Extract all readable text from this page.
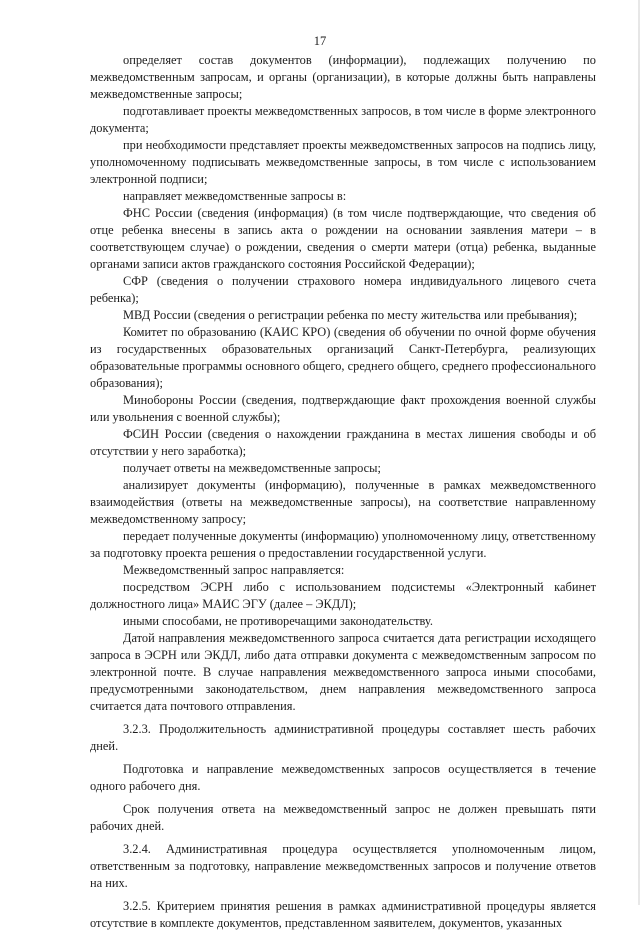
17

определяет состав документов (информации), подлежащих получению по межведомственным запросам, и органы (организации), в которые должны быть направлены межведомственные запросы;

подготавливает проекты межведомственных запросов, в том числе в форме электронного документа;

при необходимости представляет проекты межведомственных запросов на подпись лицу, уполномоченному подписывать межведомственные запросы, в том числе с использованием электронной подписи;

направляет межведомственные запросы в:

ФНС России (сведения (информация) (в том числе подтверждающие, что сведения об отце ребенка внесены в запись акта о рождении на основании заявления матери – в соответствующем случае) о рождении, сведения о смерти матери (отца) ребенка, выданные органами записи актов гражданского состояния Российской Федерации);

СФР (сведения о получении страхового номера индивидуального лицевого счета ребенка);

МВД России (сведения о регистрации ребенка по месту жительства или пребывания);

Комитет по образованию (КАИС КРО) (сведения об обучении по очной форме обучения из государственных образовательных организаций Санкт-Петербурга, реализующих образовательные программы основного общего, среднего общего, среднего профессионального образования);

Минобороны России (сведения, подтверждающие факт прохождения военной службы или увольнения с военной службы);

ФСИН России (сведения о нахождении гражданина в местах лишения свободы и об отсутствии у него заработка);

получает ответы на межведомственные запросы;

анализирует документы (информацию), полученные в рамках межведомственного взаимодействия (ответы на межведомственные запросы), на соответствие направленному межведомственному запросу;

передает полученные документы (информацию) уполномоченному лицу, ответственному за подготовку проекта решения о предоставлении государственной услуги.

Межведомственный запрос направляется:

посредством ЭСРН либо с использованием подсистемы «Электронный кабинет должностного лица» МАИС ЭГУ (далее – ЭКДЛ);

иными способами, не противоречащими законодательству.

Датой направления межведомственного запроса считается дата регистрации исходящего запроса в ЭСРН или ЭКДЛ, либо дата отправки документа с межведомственным запросом по электронной почте. В случае направления межведомственного запроса иными способами, предусмотренными законодательством, днем направления межведомственного запроса считается дата почтового отправления.

3.2.3. Продолжительность административной процедуры составляет шесть рабочих дней.

Подготовка и направление межведомственных запросов осуществляется в течение одного рабочего дня.

Срок получения ответа на межведомственный запрос не должен превышать пяти рабочих дней.

3.2.4. Административная процедура осуществляется уполномоченным лицом, ответственным за подготовку, направление межведомственных запросов и получение ответов на них.

3.2.5. Критерием принятия решения в рамках административной процедуры является отсутствие в комплекте документов, представленном заявителем, документов, указанных
